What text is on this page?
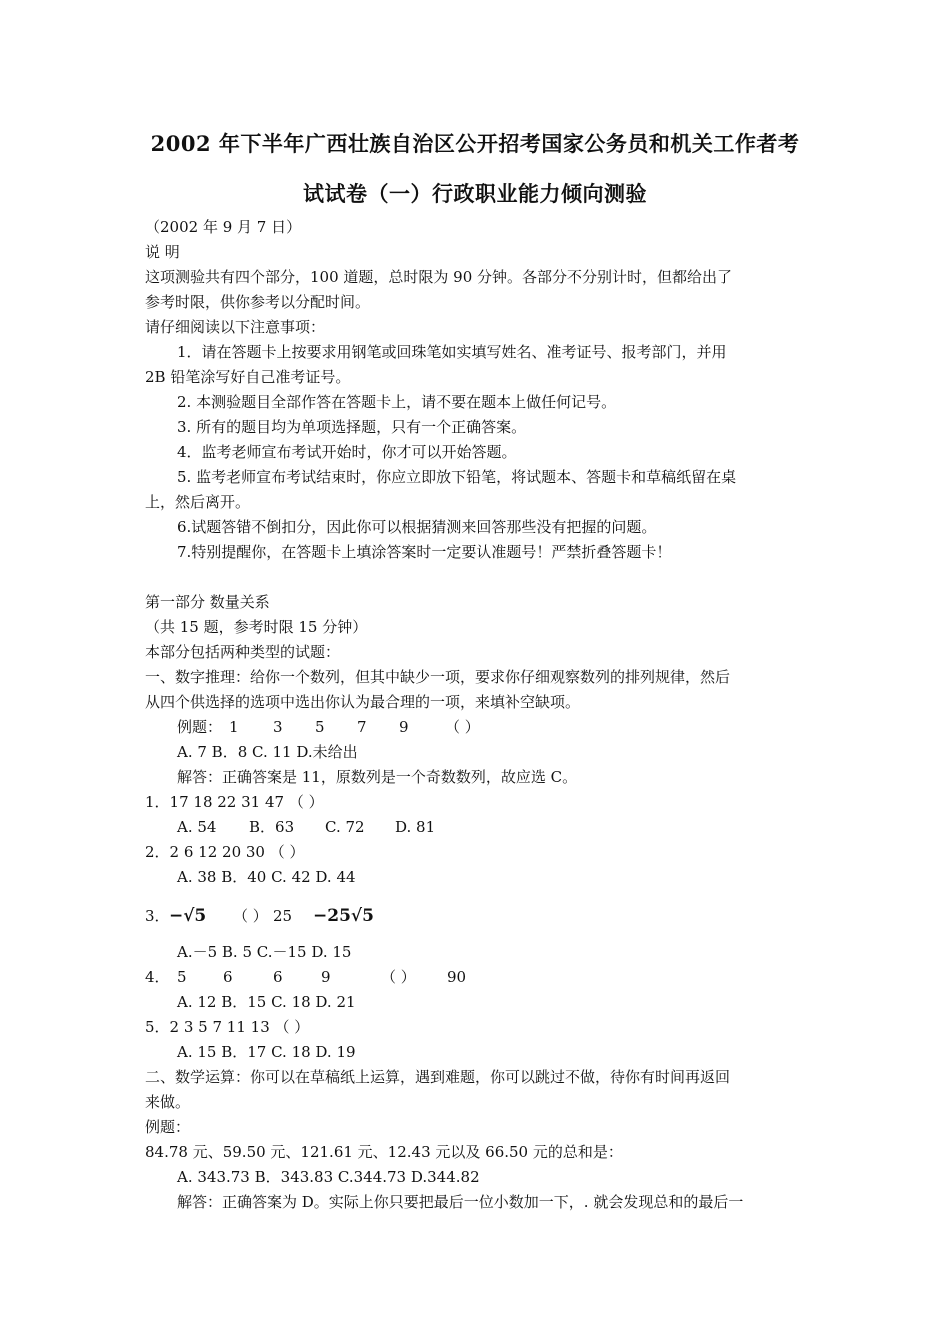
2002 年下半年广西壮族自治区公开招考国家公务员和机关工作者考
试试卷（一）行政职业能力倾向测验
（2002 年 9 月 7 日）
说 明
这项测验共有四个部分，100 道题，总时限为 90 分钟。各部分不分别计时，但都给出了
参考时限，供你参考以分配时间。
请仔细阅读以下注意事项：
1．请在答题卡上按要求用钢笔或回珠笔如实填写姓名、准考证号、报考部门，并用
2B 铅笔涂写好自己准考证号。
2. 本测验题目全部作答在答题卡上，请不要在题本上做任何记号。
3. 所有的题目均为单项选择题，只有一个正确答案。
4．监考老师宣布考试开始时，你才可以开始答题。
5. 监考老师宣布考试结束时，你应立即放下铅笔，将试题本、答题卡和草稿纸留在桌
上，然后离开。
6.试题答错不倒扣分，因此你可以根据猜测来回答那些没有把握的问题。
7.特别提醒你，在答题卡上填涂答案时一定要认准题号！严禁折叠答题卡！
第一部分 数量关系
（共 15 题，参考时限 15 分钟）
本部分包括两种类型的试题：
一、数字推理：给你一个数列，但其中缺少一项，要求你仔细观察数列的排列规律，然后
从四个供选择的选项中选出你认为最合理的一项，来填补空缺项。
例题： 1 3 5 7 9 （ ）
A. 7 B．8 C. 11 D.未给出
解答：正确答案是 11，原数列是一个奇数数列，故应选 C。
1．17 18 22 31 47 （ ）
A. 54 B．63 C. 72 D. 81
2．2 6 12 20 30 （ ）
A. 38 B．40 C. 42 D. 44
3．−√5 （ ） 25 −25√5
A.－5 B. 5 C.－15 D. 15
4． 5 6	6	9	（ ） 90
A. 12 B．15 C. 18 D. 21
5．2 3 5 7 11 13 （ ）
A. 15 B．17 C. 18 D. 19
二、数学运算：你可以在草稿纸上运算，遇到难题，你可以跳过不做，待你有时间再返回
来做。
例题：
84.78 元、59.50 元、121.61 元、12.43 元以及 66.50 元的总和是：
A. 343.73 B．343.83 C.344.73 D.344.82
解答：正确答案为 D。实际上你只要把最后一位小数加一下，. 就会发现总和的最后一
